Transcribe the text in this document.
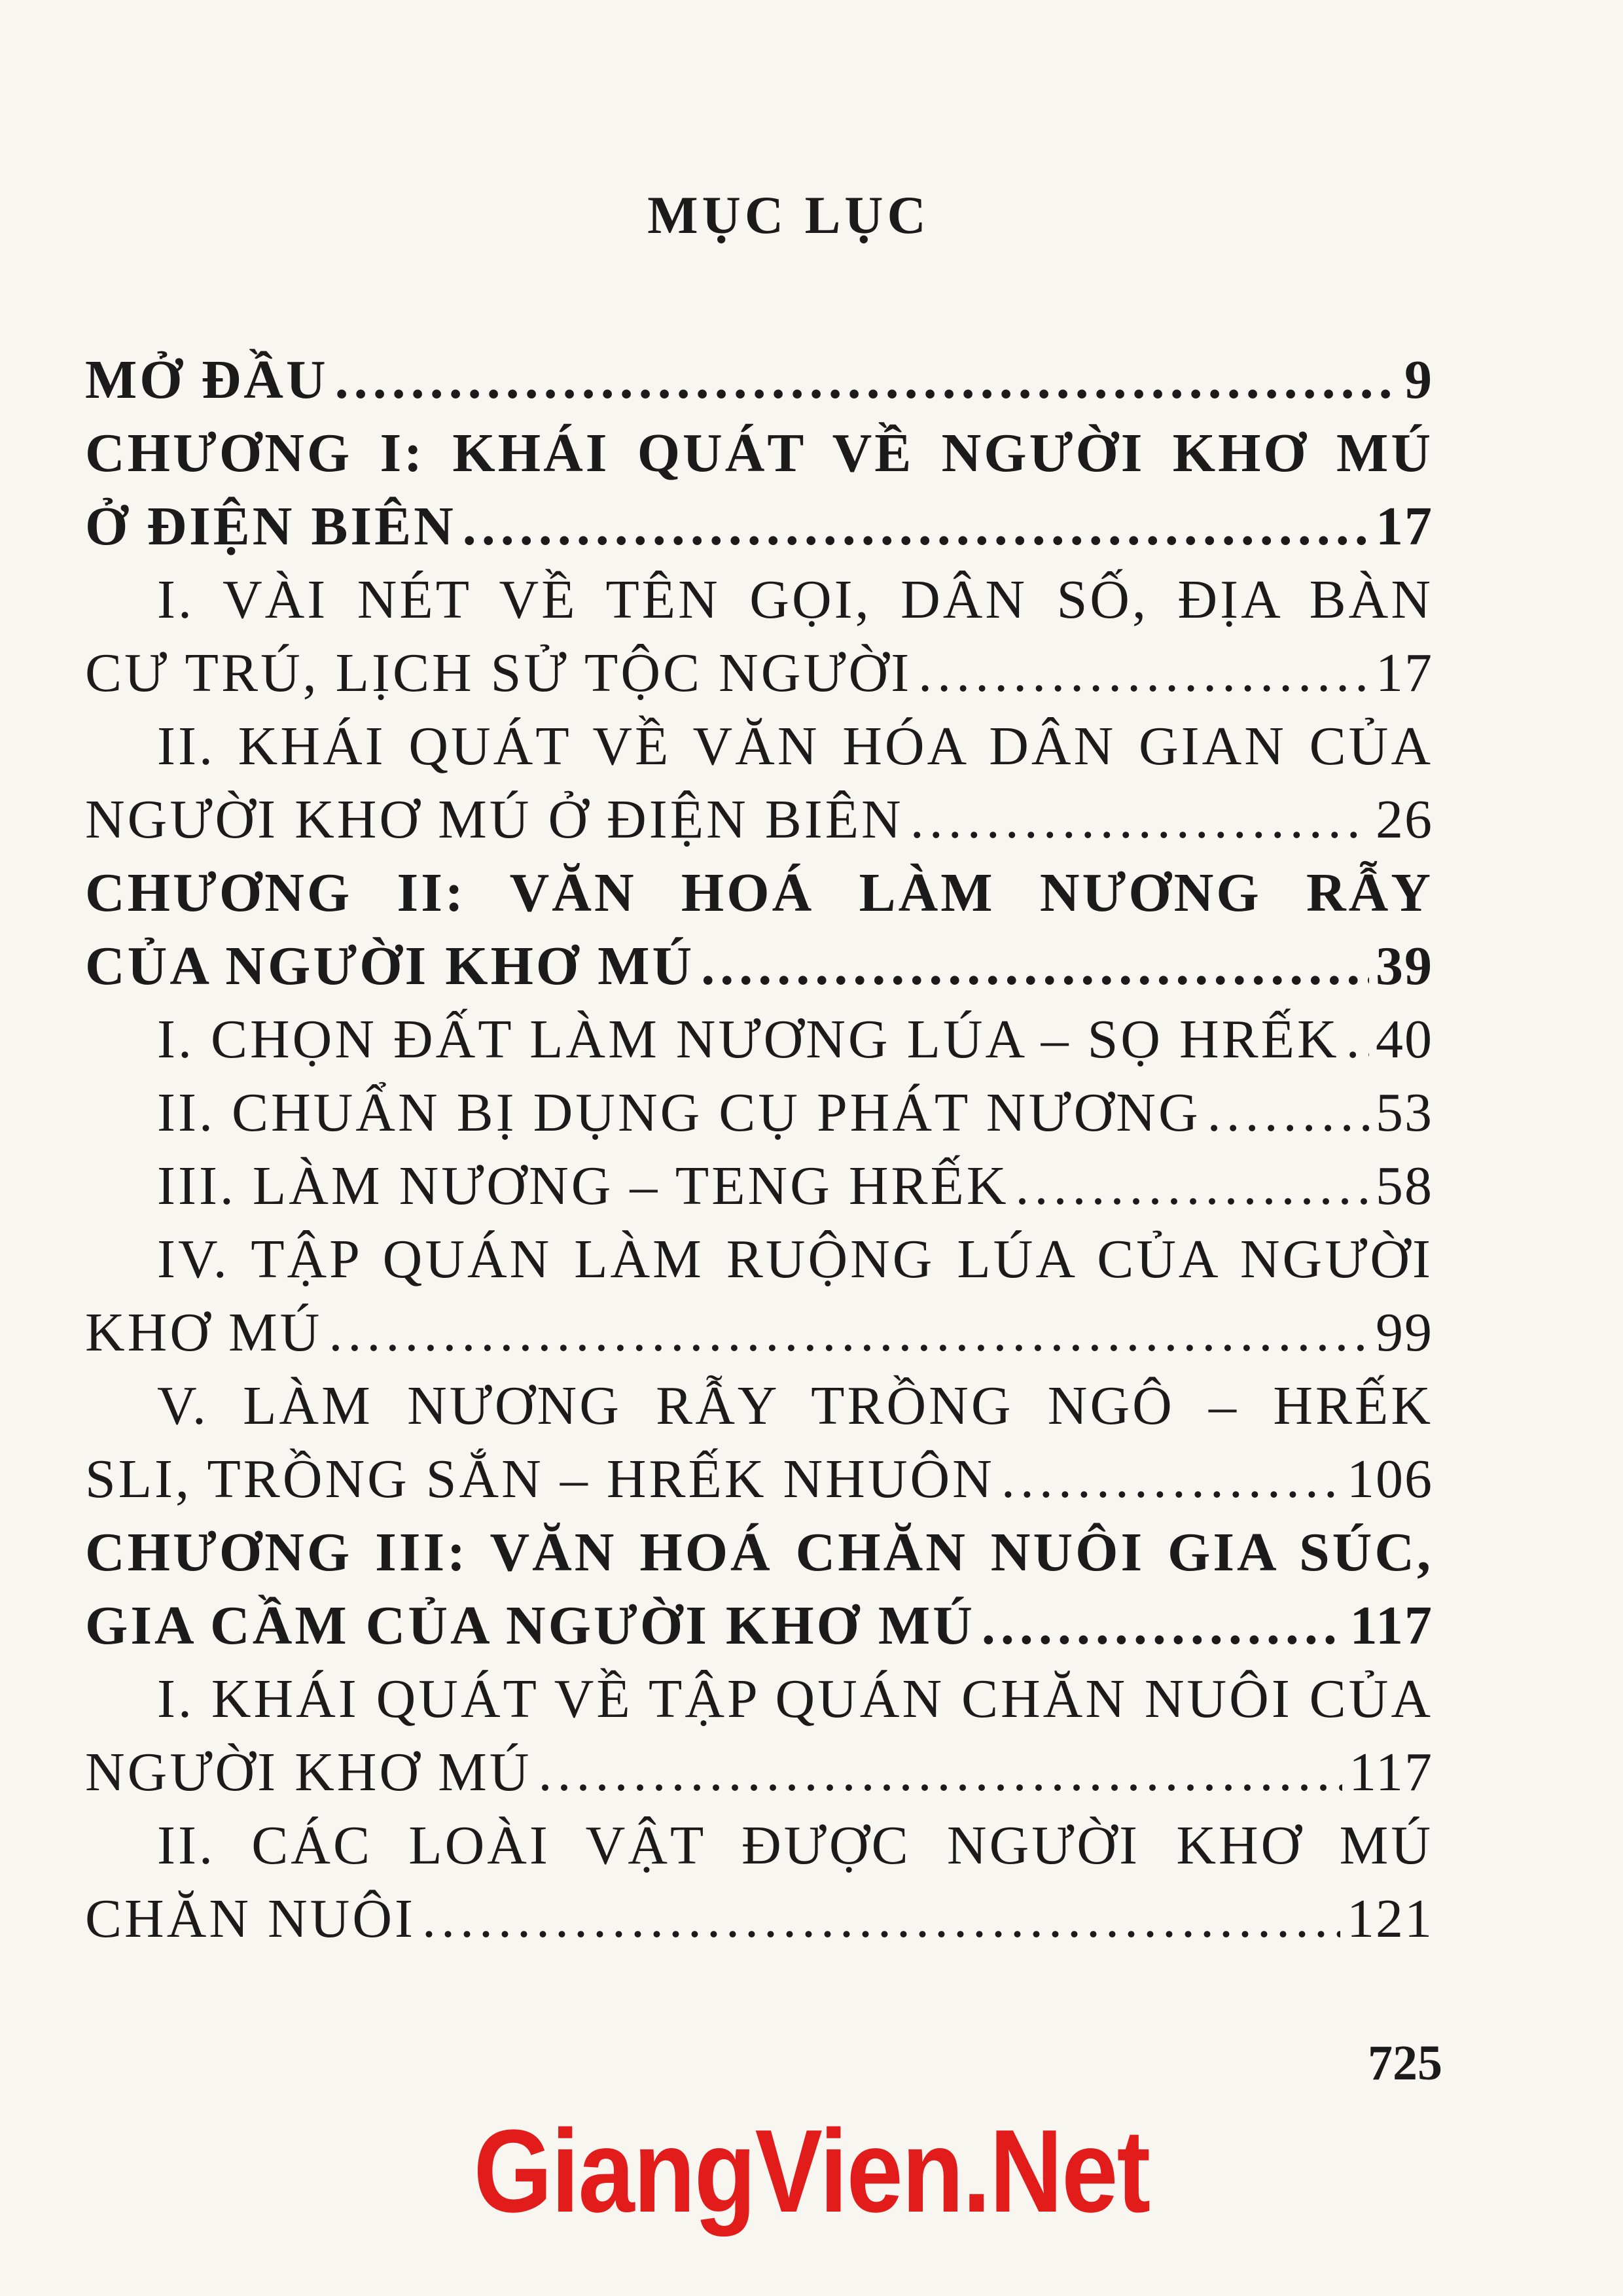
MỤC LỤC
MỞ ĐẦU .....	9
CHƯƠNG I: KHÁI QUÁT VỀ NGƯỜI KHƠ MÚ
Ở ĐIỆN BIÊN .....	17
I. VÀI NÉT VỀ TÊN GỌI, DÂN SỐ, ĐỊA BÀN
CƯ TRÚ, LỊCH SỬ TỘC NGƯỜI .....	17
II. KHÁI QUÁT VỀ VĂN HÓA DÂN GIAN CỦA
NGƯỜI KHƠ MÚ Ở ĐIỆN BIÊN .....	26
CHƯƠNG II: VĂN HOÁ LÀM NƯƠNG RẪY
CỦA NGƯỜI KHƠ MÚ .....	39
I. CHỌN ĐẤT LÀM NƯƠNG LÚA – SỌ HRẾK ..... 40
II. CHUẨN BỊ DỤNG CỤ PHÁT NƯƠNG .....	53
III. LÀM NƯƠNG – TENG HRẾK .....	58
IV. TẬP QUÁN LÀM RUỘNG LÚA CỦA NGƯỜI
KHƠ MÚ .....	99
V. LÀM NƯƠNG RẪY TRỒNG NGÔ – HRẾK
SLI, TRỒNG SẮN – HRẾK NHUÔN .....	106
CHƯƠNG III: VĂN HOÁ CHĂN NUÔI GIA SÚC,
GIA CẦM CỦA NGƯỜI KHƠ MÚ .....	117
I. KHÁI QUÁT VỀ TẬP QUÁN CHĂN NUÔI CỦA
NGƯỜI KHƠ MÚ .....	117
II. CÁC LOÀI VẬT ĐƯỢC NGƯỜI KHƠ MÚ
CHĂN NUÔI .....	121
725
GiangVien.Net
